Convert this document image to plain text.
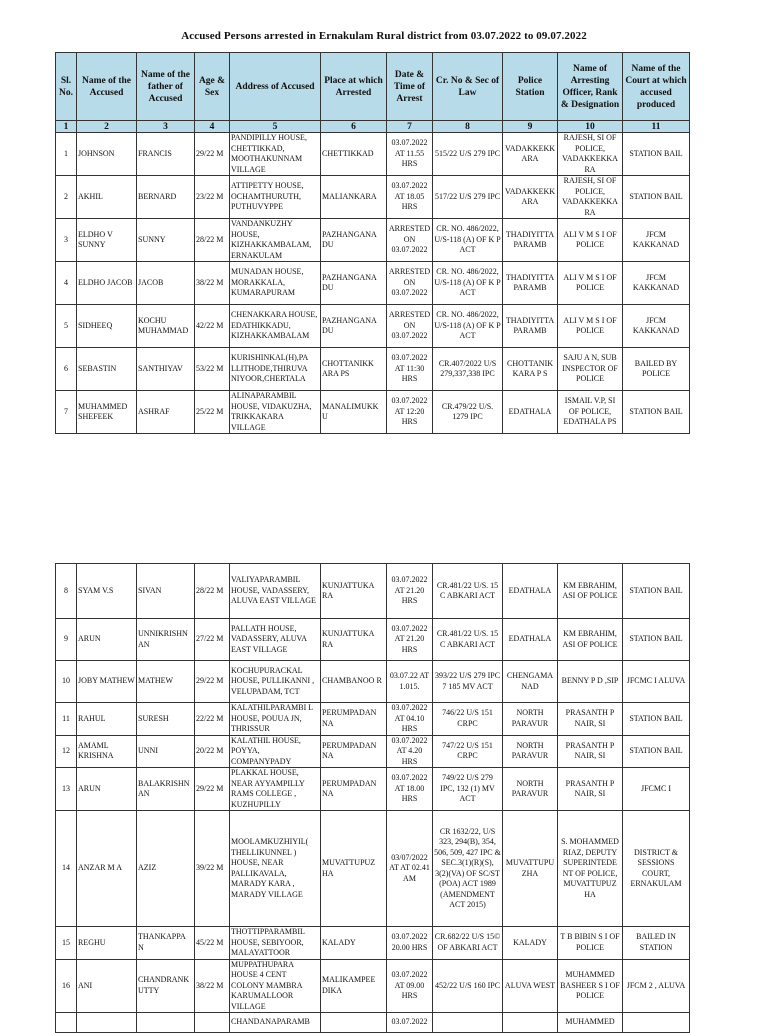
Accused Persons arrested in Ernakulam Rural district from 03.07.2022 to 09.07.2022
Sl. No.	Name of the Accused	Name of the father of Accused	Age & Sex	Address of Accused	Place at which Arrested	Date & Time of Arrest	Cr. No & Sec of Law	Police Station	Name of Arresting Officer, Rank & Designation	Name of the Court at which accused produced
1	2	3	4	5	6	7	8	9	10	11
1	JOHNSON	FRANCIS	29/22 M	PANDIPILLY HOUSE, CHETTIKKAD, MOOTHAKUNNAM VILLAGE	CHETTIKKAD	03.07.2022 AT 11.55 HRS	515/22 U/S 279 IPC	VADAKKEKK ARA	RAJESH, SI OF POLICE, VADAKKEKKA RA	STATION BAIL
2	AKHIL	BERNARD	23/22 M	ATTIPETTY HOUSE, OCHAMTHURUTH, PUTHUVYPPE	MALIANKARA	03.07.2022 AT 18.05 HRS	517/22 U/S 279 IPC	VADAKKEKK ARA	RAJESH, SI OF POLICE, VADAKKEKKA RA	STATION BAIL
3	ELDHO V SUNNY	SUNNY	28/22 M	VANDANKUZHY HOUSE, KIZHAKKAMBALAM, ERNAKULAM	PAZHANGANA DU	ARRESTED ON 03.07.2022	CR. NO. 486/2022, U/S-118 (A) OF K P ACT	THADIYITTA PARAMB	ALI V M S I OF POLICE	JFCM KAKKANAD
4	ELDHO JACOB	JACOB	38/22 M	MUNADAN HOUSE, MORAKKALA, KUMARAPURAM	PAZHANGANA DU	ARRESTED ON 03.07.2022	CR. NO. 486/2022, U/S-118 (A) OF K P ACT	THADIYITTA PARAMB	ALI V M S I OF POLICE	JFCM KAKKANAD
5	SIDHEEQ	KOCHU MUHAMMAD	42/22 M	CHENAKKARA HOUSE, EDATHIKKADU, KIZHAKKAMBALAM	PAZHANGANA DU	ARRESTED ON 03.07.2022	CR. NO. 486/2022, U/S-118 (A) OF K P ACT	THADIYITTA PARAMB	ALI V M S I OF POLICE	JFCM KAKKANAD
6	SEBASTIN	SANTHIYAV	53/22 M	KURISHINKAL(H),PA LLITHODE,THIRUVA NIYOOR,CHERTALA	CHOTTANIKK ARA PS	03.07.2022 AT 11:30 HRS	CR.407/2022 U/S 279,337,338 IPC	CHOTTANIK KARA P S	SAJU A N, SUB INSPECTOR OF POLICE	BAILED BY POLICE
7	MUHAMMED SHEFEEK	ASHRAF	25/22 M	ALINAPARAMBIL HOUSE, VIDAKUZHA, TRIKKAKARA VILLAGE	MANALIMUKK U	03.07.2022 AT 12:20 HRS	CR.479/22 U/S. 1279 IPC	EDATHALA	ISMAIL V.P, SI OF POLICE, EDATHALA PS	STATION BAIL
8	SYAM V.S	SIVAN	28/22 M	VALIYAPARAMBIL HOUSE, VADASSERY, ALUVA EAST VILLAGE	KUNJATTUKA RA	03.07.2022 AT 21.20 HRS	CR.481/22 U/S. 15 C ABKARI ACT	EDATHALA	KM EBRAHIM, ASI OF POLICE	STATION BAIL
9	ARUN	UNNIKRISHN AN	27/22 M	PALLATH HOUSE, VADASSERY, ALUVA EAST VILLAGE	KUNJATTUKA RA	03.07.2022 AT 21.20 HRS	CR.481/22 U/S. 15 C ABKARI ACT	EDATHALA	KM EBRAHIM, ASI OF POLICE	STATION BAIL
10	JOBY MATHEW	MATHEW	29/22 M	KOCHUPURACKAL HOUSE, PULLIKANNI , VELUPADAM, TCT	CHAMBANOO R	03.07.22 AT 1.015.	393/22 U/S 279 IPC 7 185 MV ACT	CHENGAMA NAD	BENNY P D ,SIP	JFCMC I ALUVA
11	RAHUL	SURESH	22/22 M	KALATHILPARAMBI L HOUSE, POUUA JN, THRISSUR	PERUMPADAN NA	03.07.2022 AT 04.10 HRS	746/22 U/S 151 CRPC	NORTH PARAVUR	PRASANTH P NAIR, SI	STATION BAIL
12	AMAML KRISHNA	UNNI	20/22 M	KALATHIL HOUSE, POYYA, COMPANYPADY	PERUMPADAN NA	03.07.2022 AT 4.20 HRS	747/22 U/S 151 CRPC	NORTH PARAVUR	PRASANTH P NAIR, SI	STATION BAIL
13	ARUN	BALAKRISHN AN	29/22 M	PLAKKAL HOUSE, NEAR AYYAMPILLY RAMS COLLEGE , KUZHUPILLY	PERUMPADAN NA	03.07.2022 AT 18.00 HRS	749/22 U/S 279 IPC, 132 (1) MV ACT	NORTH PARAVUR	PRASANTH P NAIR, SI	JFCMC I
14	ANZAR M A	AZIZ	39/22 M	MOOLAMKUZHIYIL( THELLIKUNNEL ) HOUSE, NEAR PALLIKAVALA, MARADY KARA , MARADY VILLAGE	MUVATTUPUZ HA	03/07/2022 AT AT 02.41 AM	CR 1632/22, U/S 323, 294(B), 354, 506, 509, 427 IPC & SEC.3(1)(R)(S), 3(2)(VA) OF SC/ST (POA) ACT 1989 (AMENDMENT ACT 2015)	MUVATTUPU ZHA	S. MOHAMMED RIAZ, DEPUTY SUPERINTEDE NT OF POLICE, MUVATTUPUZ HA	DISTRICT & SESSIONS COURT, ERNAKULAM
15	REGHU	THANKAPPA N	45/22 M	THOTTIPPARAMBIL HOUSE, SEBIYOOR, MALAYATTOOR	KALADY	03.07.2022 20.00 HRS	CR.682/22 U/S 15© OF ABKARI ACT	KALADY	T B BIBIN S I OF POLICE	BAILED IN STATION
16	ANI	CHANDRANK UTTY	38/22 M	MUPPATHUPARA HOUSE 4 CENT COLONY MAMBRA KARUMALLOOR VILLAGE	MALIKAMPEE DIKA	03.07.2022 AT 09.00 HRS	452/22 U/S 160 IPC	ALUVA WEST	MUHAMMED BASHEER S I OF POLICE	JFCM 2 , ALUVA
				CHANDANAPARAMB		03.07.2022			MUHAMMED	
